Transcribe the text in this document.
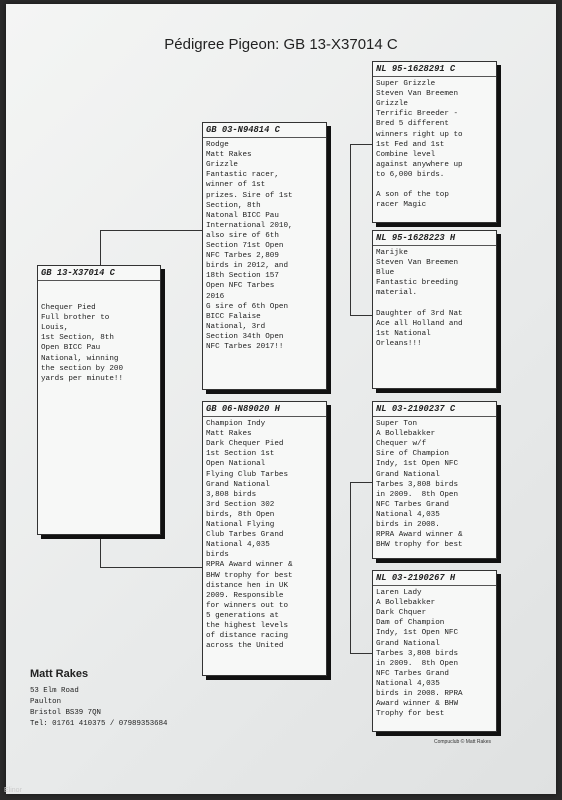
Pédigree Pigeon: GB 13-X37014 C
GB 13-X37014 C
Chequer Pied
Full brother to
Louis,
1st Section, 8th
Open BICC Pau
National, winning
the section by 200
yards per minute!!
GB 03-N94814 C
Rodge
Matt Rakes
Grizzle
Fantastic racer,
winner of 1st
prizes. Sire of 1st
Section, 8th
Natonal BICC Pau
International 2010,
also sire of 6th
Section 71st Open
NFC Tarbes 2,809
birds in 2012, and
18th Section 157
Open NFC Tarbes
2016
G sire of 6th Open
BICC Falaise
National, 3rd
Section 34th Open
NFC Tarbes 2017!!
GB 06-N89020 H
Champion Indy
Matt Rakes
Dark Chequer Pied
1st Section 1st
Open National
Flying Club Tarbes
Grand National
3,808 birds
3rd Section 302
birds, 8th Open
National Flying
Club Tarbes Grand
National 4,035
birds
RPRA Award winner &
BHW trophy for best
distance hen in UK
2009. Responsible
for winners out to
5 generations at
the highest levels
of distance racing
across the United
NL 95-1628291 C
Super Grizzle
Steven Van Breemen
Grizzle
Terrific Breeder -
Bred 5 different
winners right up to
1st Fed and 1st
Combine level
against anywhere up
to 6,000 birds.

A son of the top
racer Magic
NL 95-1628223 H
Marijke
Steven Van Breemen
Blue
Fantastic breeding
material.

Daughter of 3rd Nat
Ace all Holland and
1st National
Orleans!!!
NL 03-2190237 C
Super Ton
A Bollebakker
Chequer w/f
Sire of Champion
Indy, 1st Open NFC
Grand National
Tarbes 3,808 birds
in 2009.  8th Open
NFC Tarbes Grand
National 4,035
birds in 2008.
RPRA Award winner &
BHW trophy for best
NL 03-2190267 H
Laren Lady
A Bollebakker
Dark Chquer
Dam of Champion
Indy, 1st Open NFC
Grand National
Tarbes 3,808 birds
in 2009.  8th Open
NFC Tarbes Grand
National 4,035
birds in 2008. RPRA
Award winner & BHW
Trophy for best
Matt Rakes
53 Elm Road
Paulton
Bristol BS39 7QN
Tel: 01761 410375 / 07989353684
Compuclub © Matt Rakes
Elinor
